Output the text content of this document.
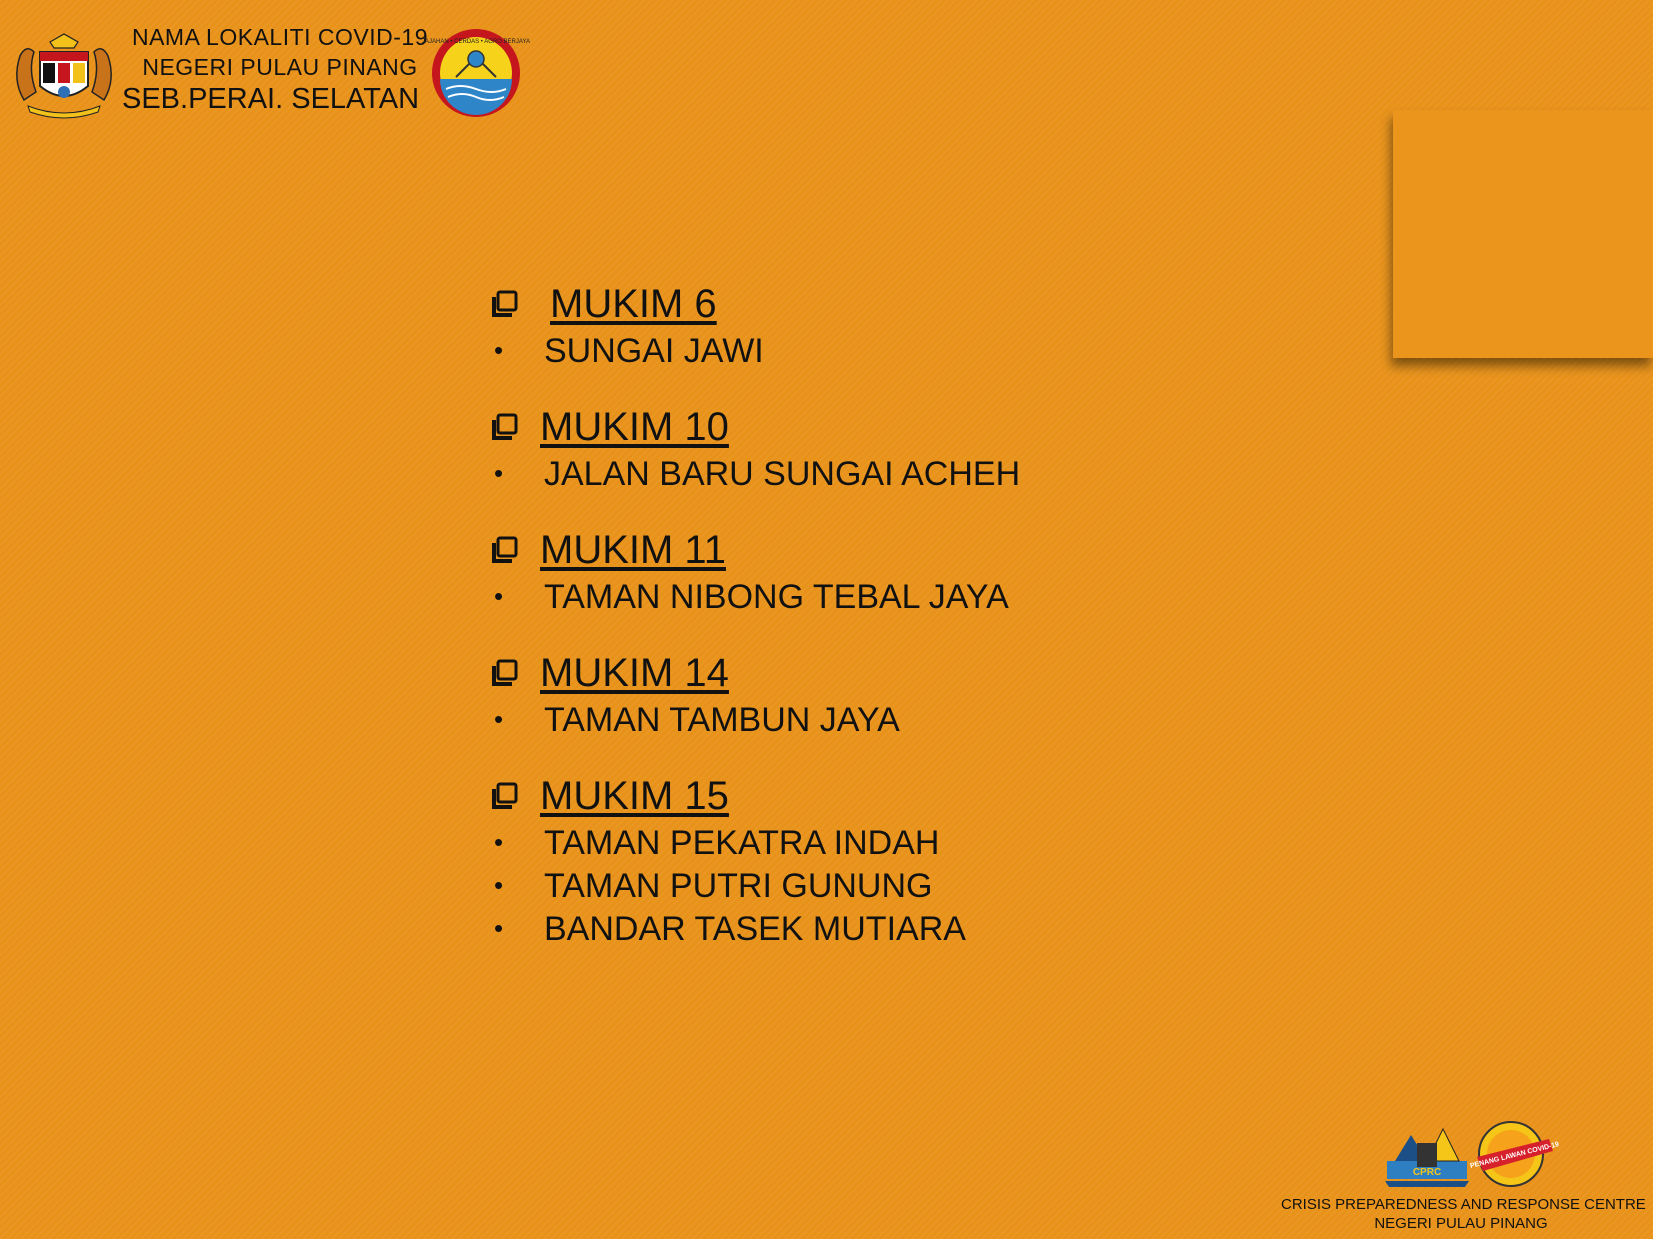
NAMA LOKALITI COVID-19
NEGERI PULAU PINANG
SEB.PERAI. SELATAN
JAJAHAN • CERDAS • AGRO BERJAYA
MUKIM 6
• SUNGAI JAWI
MUKIM 10
• JALAN BARU SUNGAI ACHEH
MUKIM 11
• TAMAN NIBONG TEBAL JAYA
MUKIM 14
• TAMAN TAMBUN JAYA
MUKIM 15
• TAMAN PEKATRA INDAH
• TAMAN PUTRI GUNUNG
• BANDAR TASEK MUTIARA
CPRC
PENANG LAWAN COVID-19
CRISIS PREPAREDNESS AND RESPONSE CENTRE
NEGERI PULAU PINANG
